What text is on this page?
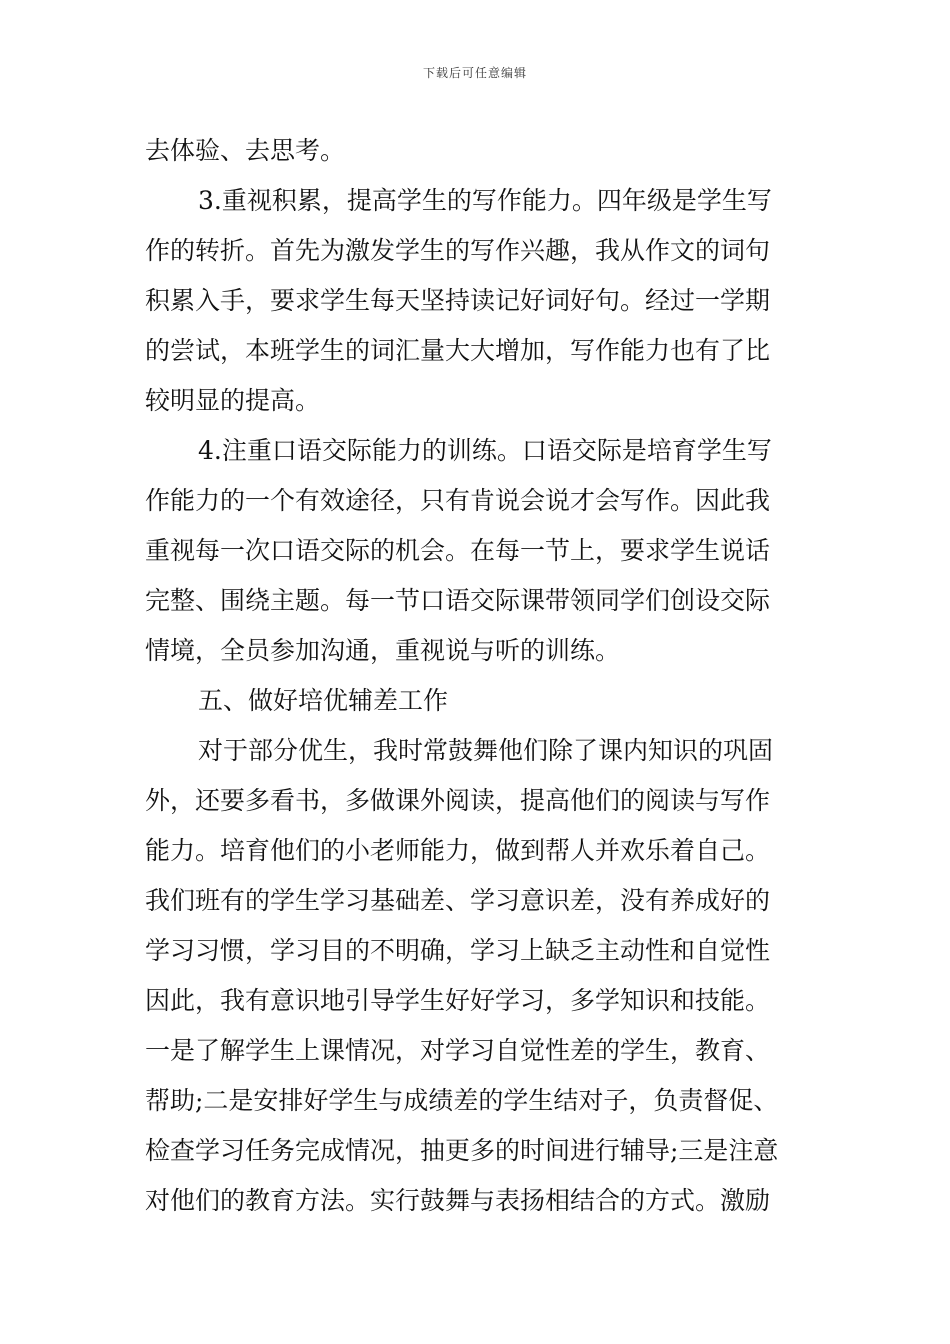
下载后可任意编辑
去体验、去思考。
3.重视积累，提高学生的写作能力。四年级是学生写
作的转折。首先为激发学生的写作兴趣，我从作文的词句
积累入手，要求学生每天坚持读记好词好句。经过一学期
的尝试，本班学生的词汇量大大增加，写作能力也有了比
较明显的提高。
4.注重口语交际能力的训练。口语交际是培育学生写
作能力的一个有效途径，只有肯说会说才会写作。因此我
重视每一次口语交际的机会。在每一节上，要求学生说话
完整、围绕主题。每一节口语交际课带领同学们创设交际
情境，全员参加沟通，重视说与听的训练。
五、做好培优辅差工作
对于部分优生，我时常鼓舞他们除了课内知识的巩固
外，还要多看书，多做课外阅读，提高他们的阅读与写作
能力。培育他们的小老师能力，做到帮人并欢乐着自己。
我们班有的学生学习基础差、学习意识差，没有养成好的
学习习惯，学习目的不明确，学习上缺乏主动性和自觉性
因此，我有意识地引导学生好好学习，多学知识和技能。
一是了解学生上课情况，对学习自觉性差的学生，教育、
帮助;二是安排好学生与成绩差的学生结对子，负责督促、
检查学习任务完成情况，抽更多的时间进行辅导;三是注意
对他们的教育方法。实行鼓舞与表扬相结合的方式。激励
